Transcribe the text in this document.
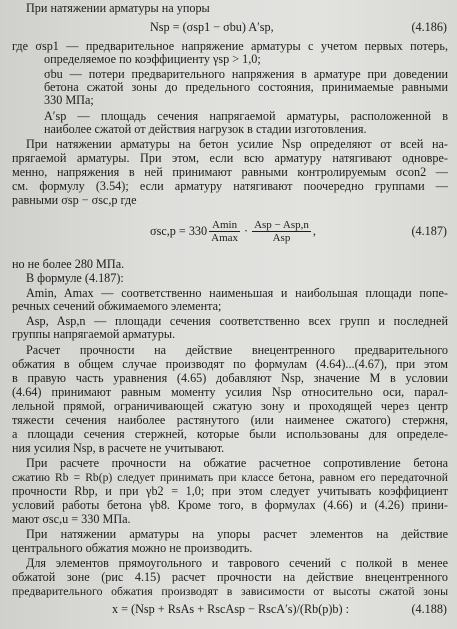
При натяжении арматуры на упоры
Nsp = (σsp1 − σbu) A′sp,	(4.186)
где σsp1 — предварительное напряжение арматуры с учетом первых потерь,
определяемое по коэффициенту γsp > 1,0;
σbu — потери предварительного напряжения в арматуре при доведении
бетона сжатой зоны до предельного состояния, принимаемые равными
330 МПа;
A′sp — площадь сечения напрягаемой арматуры, расположенной в
наиболее сжатой от действия нагрузок в стадии изготовления.
При натяжении арматуры на бетон усилие Nsp определяют от всей на-
прягаемой арматуры. При этом, если всю арматуру натягивают одновре-
менно, напряжения в ней принимают равными контролируемым σcon2 —
см. формулу (3.54); если арматуру натягивают поочередно группами —
равными σsp − σsc,p где
$\sigma sc,p = 330 \frac{Amin}{Amax} \cdot \frac{\text{Asp − Asp,n}}{\text{Asp}}$ ,	(4.187)
но не более 280 МПа.
В формуле (4.187):
Amin, Amax — соответственно наименьшая и наибольшая площади попе-
речных сечений обжимаемого элемента;
Asp, Asp,n — площади сечения соответственно всех групп и последней
группы напрягаемой арматуры.
Расчет прочности на действие внецентренного предварительного
обжатия в общем случае производят по формулам (4.64)...(4.67), при этом
в правую часть уравнения (4.65) добавляют Nsp, значение M в условии
(4.64) принимают равным моменту усилия Nsp относительно оси, парал-
лельной прямой, ограничивающей сжатую зону и проходящей через центр
тяжести сечения наиболее растянутого (или наименее сжатого) стержня,
а площади сечения стержней, которые были использованы для определе-
ния усилия Nsp, в расчете не учитывают.
При расчете прочности на обжатие расчетное сопротивление бетона
сжатию Rb = Rb(p) следует принимать при классе бетона, равном его передаточной
прочности Rbp, и при γb2 = 1,0; при этом следует учитывать коэффициент
условий работы бетона γb8. Кроме того, в формулах (4.66) и (4.26) прини-
мают σsc,u = 330 МПа.
При натяжении арматуры на упоры расчет элементов на действие
центрального обжатия можно не производить.
Для элементов прямоугольного и таврового сечений с полкой в менее
обжатой зоне (рис 4.15) расчет прочности на действие внецентренного
предварительного обжатия производят в зависимости от высоты сжатой зоны
x = (Nsp + RsAs + RscAsp − RscA′s)/(Rb(p)b) :	(4.188)
